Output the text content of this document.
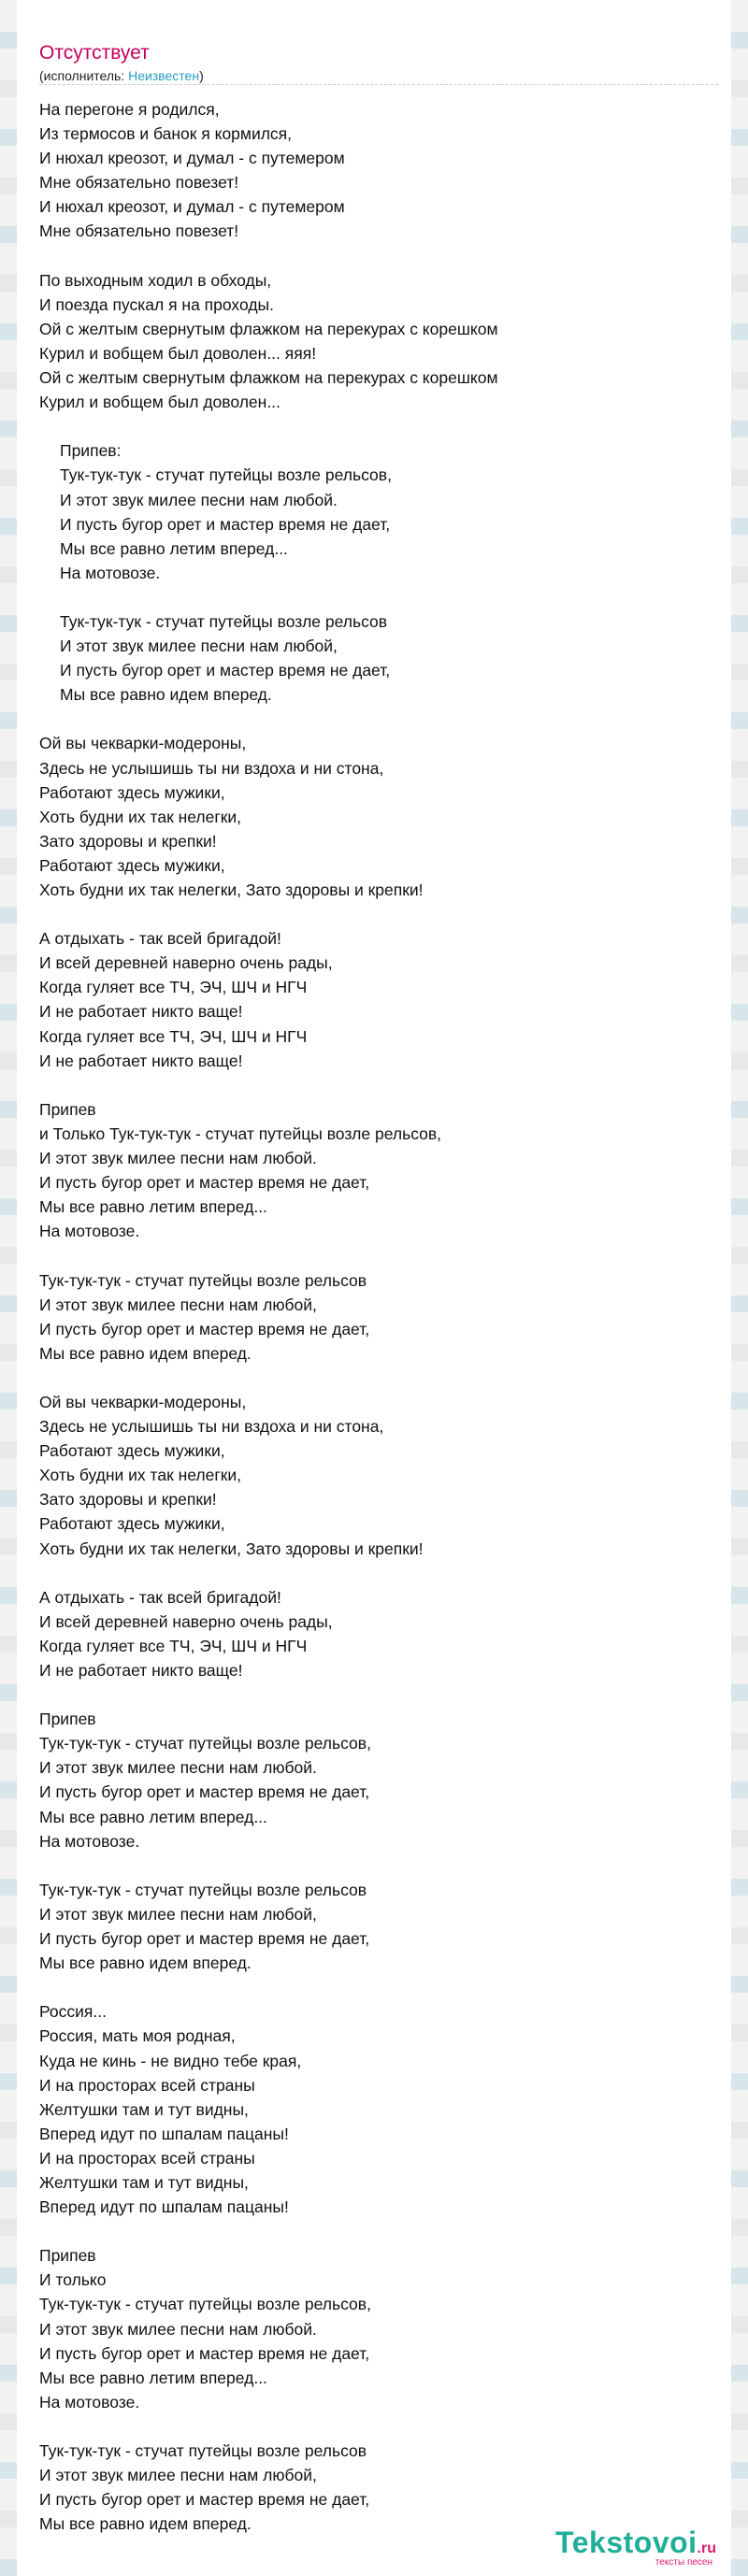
Отсутствует
(исполнитель: Неизвестен)
На перегоне я родился,
Из термосов и банок я кормился,
И нюхал креозот, и думал - с путемером
Мне обязательно повезет!
И нюхал креозот, и думал - с путемером
Мне обязательно повезет!
По выходным ходил в обходы,
И поезда пускал я на проходы.
Ой с желтым свернутым флажком на перекурах с корешком
Курил и вобщем был доволен... яяя!
Ой с желтым свернутым флажком на перекурах с корешком
Курил и вобщем был доволен...
Припев:
Тук-тук-тук - стучат путейцы возле рельсов,
И этот звук милее песни нам любой.
И пусть бугор орет и мастер время не дает,
Мы все равно летим вперед...
На мотовозе.
Тук-тук-тук - стучат путейцы возле рельсов
И этот звук милее песни нам любой,
И пусть бугор орет и мастер время не дает,
Мы все равно идем вперед.
Ой вы чекварки-модероны,
Здесь не услышишь ты ни вздоха и ни стона,
Работают здесь мужики,
Хоть будни их так нелегки,
Зато здоровы и крепки!
Работают здесь мужики,
Хоть будни их так нелегки, Зато здоровы и крепки!
А отдыхать - так всей бригадой!
И всей деревней наверно очень рады,
Когда гуляет все ТЧ, ЭЧ, ШЧ и НГЧ
И не работает никто ваще!
Когда гуляет все ТЧ, ЭЧ, ШЧ и НГЧ
И не работает никто ваще!
Припев
и Только Тук-тук-тук - стучат путейцы возле рельсов,
И этот звук милее песни нам любой.
И пусть бугор орет и мастер время не дает,
Мы все равно летим вперед...
На мотовозе.
Тук-тук-тук - стучат путейцы возле рельсов
И этот звук милее песни нам любой,
И пусть бугор орет и мастер время не дает,
Мы все равно идем вперед.
Ой вы чекварки-модероны,
Здесь не услышишь ты ни вздоха и ни стона,
Работают здесь мужики,
Хоть будни их так нелегки,
Зато здоровы и крепки!
Работают здесь мужики,
Хоть будни их так нелегки, Зато здоровы и крепки!
А отдыхать - так всей бригадой!
И всей деревней наверно очень рады,
Когда гуляет все ТЧ, ЭЧ, ШЧ и НГЧ
И не работает никто ваще!
Припев
Тук-тук-тук - стучат путейцы возле рельсов,
И этот звук милее песни нам любой.
И пусть бугор орет и мастер время не дает,
Мы все равно летим вперед...
На мотовозе.
Тук-тук-тук - стучат путейцы возле рельсов
И этот звук милее песни нам любой,
И пусть бугор орет и мастер время не дает,
Мы все равно идем вперед.
Россия...
Россия, мать моя родная,
Куда не кинь - не видно тебе края,
И на просторах всей страны
Желтушки там и тут видны,
Вперед идут по шпалам пацаны!
И на просторах всей страны
Желтушки там и тут видны,
Вперед идут по шпалам пацаны!
Припев
И только
Тук-тук-тук - стучат путейцы возле рельсов,
И этот звук милее песни нам любой.
И пусть бугор орет и мастер время не дает,
Мы все равно летим вперед...
На мотовозе.
Тук-тук-тук - стучат путейцы возле рельсов
И этот звук милее песни нам любой,
И пусть бугор орет и мастер время не дает,
Мы все равно идем вперед.
Tekstovoi.ru
тексты песен
